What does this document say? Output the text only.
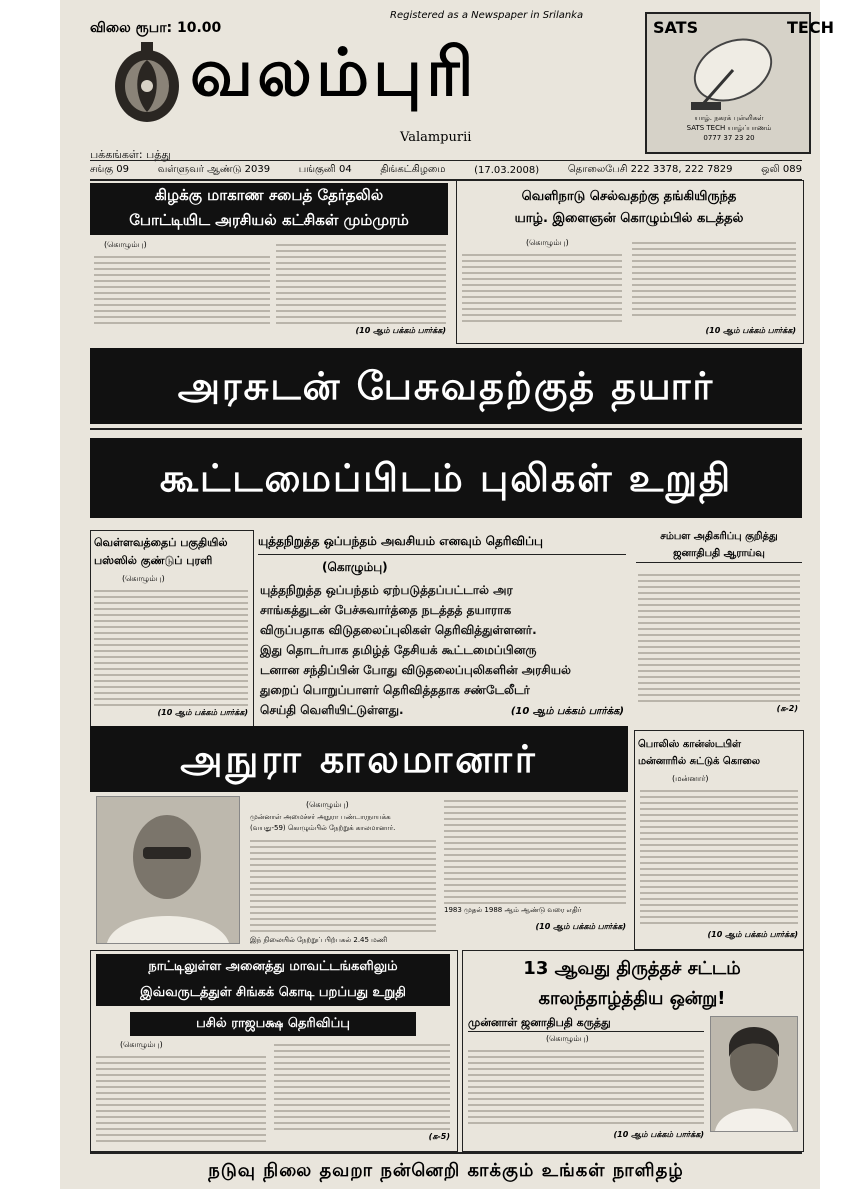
விலை ரூபா: 10.00
Registered as a Newspaper in Srilanka
வலம்புரி
Valampurii
பக்கங்கள்: பத்து
SATS	TECH
யாழ். நகரக் புள்ளிகள்
SATS TECH யாழ்ப்பாணம்
0777 37 23 20
சங்கு 09	வள்ளுவர் ஆண்டு 2039	பங்குனி 04	திங்கட்கிழமை	(17.03.2008)	தொலைபேசி 222 3378, 222 7829	ஒலி 089
கிழக்கு மாகாண சபைத் தேர்தலில்
போட்டியிட அரசியல் கட்சிகள் மும்முரம்
(கொழும்பு)
(10 ஆம் பக்கம் பார்க்க)
வெளிநாடு செல்வதற்கு தங்கியிருந்த
யாழ். இளைஞன் கொழும்பில் கடத்தல்
(கொழும்பு)
(10 ஆம் பக்கம் பார்க்க)
அரசுடன் பேசுவதற்குத் தயார்
கூட்டமைப்பிடம் புலிகள் உறுதி
வெள்ளவத்தைப் பகுதியில்
பஸ்ஸில் குண்டுப் புரளி
(கொழும்பு)
(10 ஆம் பக்கம் பார்க்க)
யுத்தநிறுத்த ஒப்பந்தம் அவசியம் எனவும் தெரிவிப்பு
(கொழும்பு)
யுத்தநிறுத்த ஒப்பந்தம் ஏற்படுத்தப்பட்டால் அர
சாங்கத்துடன் பேச்சுவார்த்தை நடத்தத் தயாராக
விருப்பதாக விடுதலைப்புலிகள் தெரிவித்துள்ளனர்.
இது தொடர்பாக தமிழ்த் தேசியக் கூட்டமைப்பினரு
டனான சந்திப்பின் போது விடுதலைப்புலிகளின் அரசியல்
துறைப் பொறுப்பாளர் தெரிவித்ததாக சண்டேலீடர்
செய்தி வெளியிட்டுள்ளது.	(10 ஆம் பக்கம் பார்க்க)
சம்பள அதிகரிப்பு குறித்து
ஜனாதிபதி ஆராய்வு
(க-2)
அநுரா காலமானார்
(கொழும்பு)
முன்னாள் அமைச்சர் அநுரா பண்டாரநாயக்க
(வயது-59) கொழும்பில் நேற்றுக் காலமானார்.
இந் நிலையில் நேற்றுப் பிற்பகல் 2.45 மணி
1983 முதல் 1988 ஆம் ஆண்டு வரை எதிர்
(10 ஆம் பக்கம் பார்க்க)
பொலிஸ் கான்ஸ்டபிள்
மன்னாரில் சுட்டுக் கொலை
(மன்னார்)
(10 ஆம் பக்கம் பார்க்க)
நாட்டிலுள்ள அனைத்து மாவட்டங்களிலும்
இவ்வருடத்துள் சிங்கக் கொடி பறப்பது உறுதி
பசில் ராஜபக்ஷ தெரிவிப்பு
(கொழும்பு)
(க-5)
13 ஆவது திருத்தச் சட்டம்
காலந்தாழ்த்திய ஒன்று!
முன்னாள் ஜனாதிபதி கருத்து
(கொழும்பு)
(10 ஆம் பக்கம் பார்க்க)
நடுவு நிலை தவறா நன்னெறி காக்கும் உங்கள் நாளிதழ்
